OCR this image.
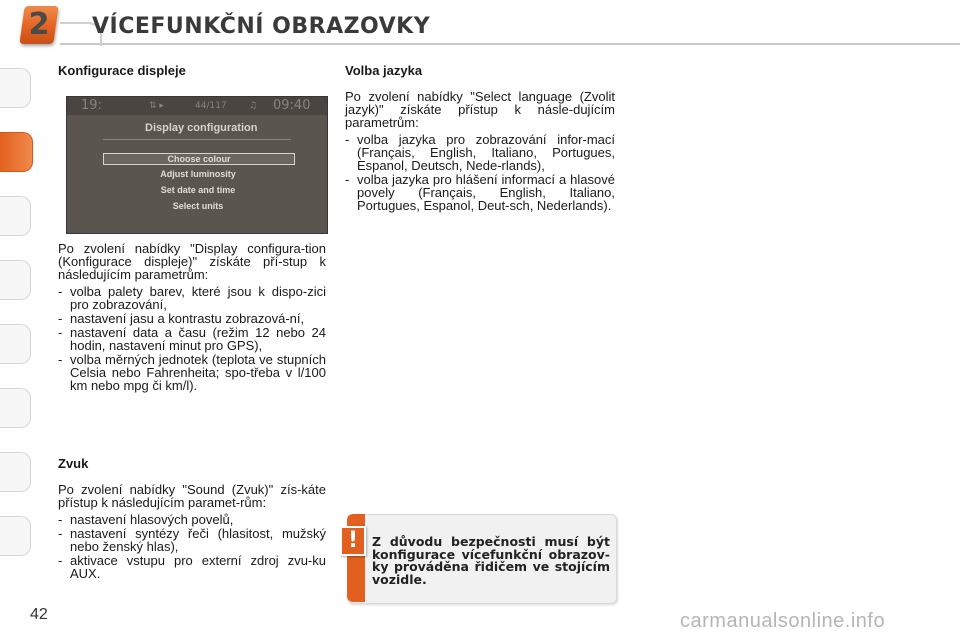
2 VÍCEFUNKČNÍ OBRAZOVKY
Konfigurace displeje
19:	⇅ ▸	44/117 ♫ 09:40
Display configuration
Choose colour
Adjust luminosity
Set date and time
Select units
Po zvolení nabídky "Display configura-tion (Konfigurace displeje)" získáte pří-stup k následujícím parametrům:
- volba palety barev, které jsou k dispo-zici pro zobrazování,
- nastavení jasu a kontrastu zobrazová-ní,
- nastavení data a času (režim 12 nebo 24 hodin, nastavení minut pro GPS),
- volba měrných jednotek (teplota ve stupních Celsia nebo Fahrenheita; spo-třeba v l/100 km nebo mpg či km/l).
Zvuk
Po zvolení nabídky "Sound (Zvuk)" zís-káte přístup k následujícím paramet-rům:
- nastavení hlasových povelů,
- nastavení syntézy řeči (hlasitost, mužský nebo ženský hlas),
- aktivace vstupu pro externí zdroj zvu-ku AUX.
Volba jazyka
Po zvolení nabídky "Select language (Zvolit jazyk)" získáte přístup k násle-dujícím parametrům:
- volba jazyka pro zobrazování infor-mací (Français, English, Italiano, Portugues, Espanol, Deutsch, Nede-rlands),
- volba jazyka pro hlášení informací a hlasové povely (Français, English, Italiano, Portugues, Espanol, Deut-sch, Nederlands).
!	Z důvodu bezpečnosti musí být konfigurace vícefunkční obrazov-ky prováděna řidičem ve stojícím vozidle.
42	carmanualsonline.info
